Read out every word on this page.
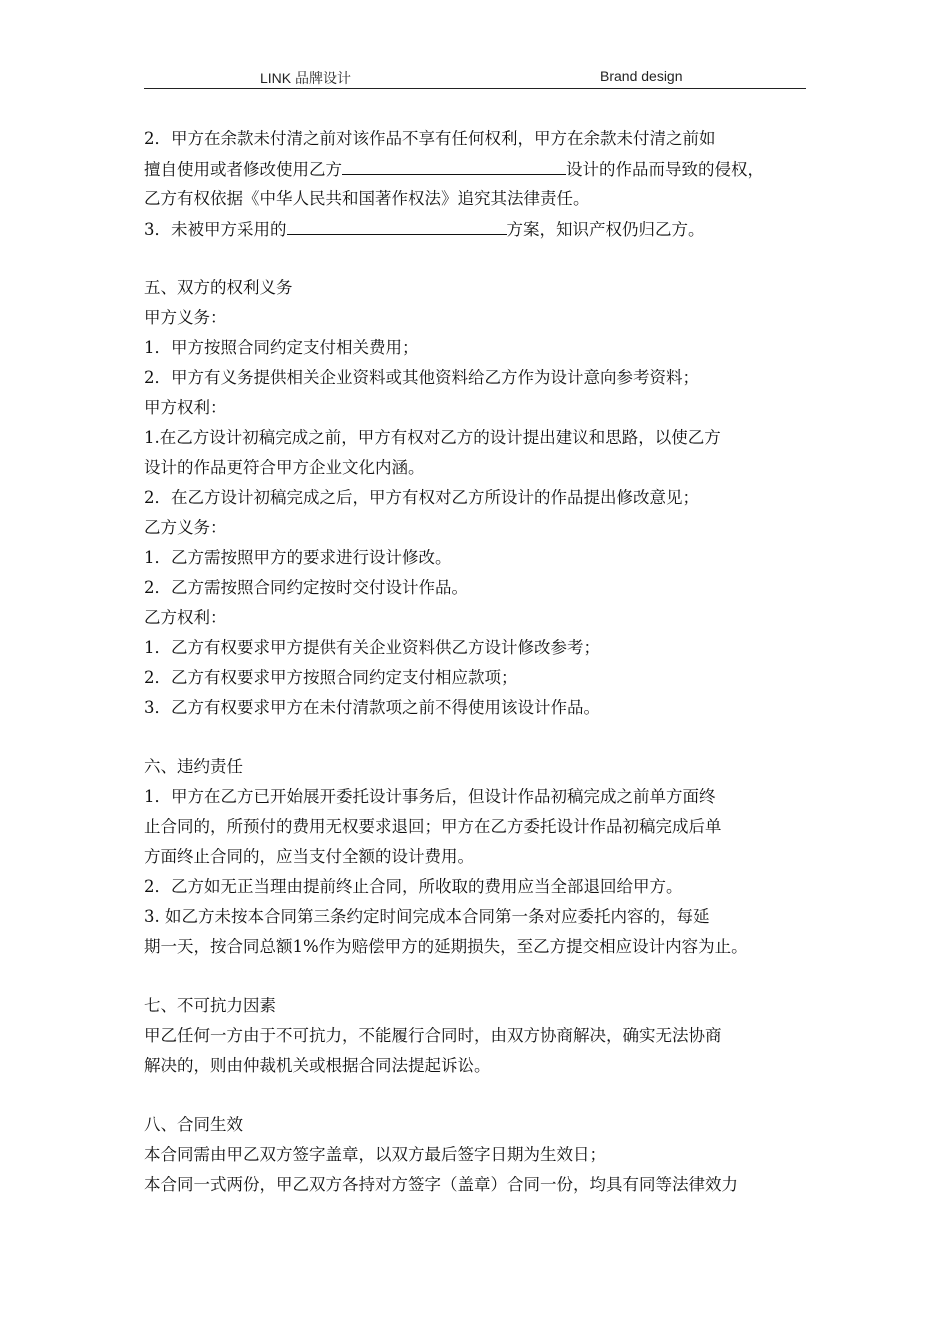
LINK 品牌设计	Brand design
2．甲方在余款未付清之前对该作品不享有任何权利，甲方在余款未付清之前如
擅自使用或者修改使用乙方	设计的作品而导致的侵权，
乙方有权依据《中华人民共和国著作权法》追究其法律责任。
3．未被甲方采用的	方案，知识产权仍归乙方。
五、双方的权利义务
甲方义务：
1．甲方按照合同约定支付相关费用；
2．甲方有义务提供相关企业资料或其他资料给乙方作为设计意向参考资料；
甲方权利：
1.在乙方设计初稿完成之前，甲方有权对乙方的设计提出建议和思路，以使乙方
设计的作品更符合甲方企业文化内涵。
2．在乙方设计初稿完成之后，甲方有权对乙方所设计的作品提出修改意见；
乙方义务：
1．乙方需按照甲方的要求进行设计修改。
2．乙方需按照合同约定按时交付设计作品。
乙方权利：
1．乙方有权要求甲方提供有关企业资料供乙方设计修改参考；
2．乙方有权要求甲方按照合同约定支付相应款项；
3．乙方有权要求甲方在未付清款项之前不得使用该设计作品。
六、违约责任
1．甲方在乙方已开始展开委托设计事务后，但设计作品初稿完成之前单方面终
止合同的，所预付的费用无权要求退回；甲方在乙方委托设计作品初稿完成后单
方面终止合同的，应当支付全额的设计费用。
2．乙方如无正当理由提前终止合同，所收取的费用应当全部退回给甲方。
3. 如乙方未按本合同第三条约定时间完成本合同第一条对应委托内容的，每延
期一天，按合同总额1%作为赔偿甲方的延期损失，至乙方提交相应设计内容为止。
七、不可抗力因素
甲乙任何一方由于不可抗力，不能履行合同时，由双方协商解决，确实无法协商
解决的，则由仲裁机关或根据合同法提起诉讼。
八、合同生效
本合同需由甲乙双方签字盖章，以双方最后签字日期为生效日；
本合同一式两份，甲乙双方各持对方签字（盖章）合同一份，均具有同等法律效力
